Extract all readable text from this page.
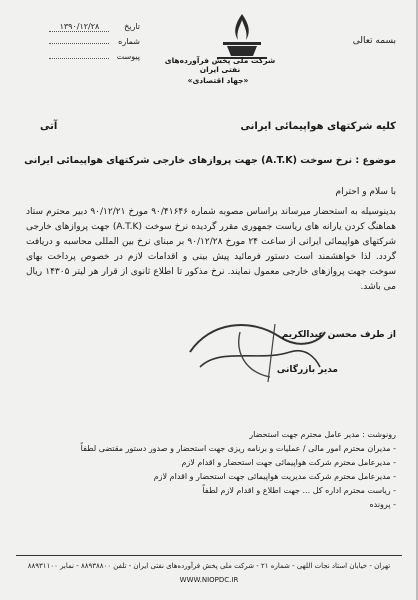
بسمه تعالی
شرکت ملی پخش فرآورده‌های نفتی ایران
«جهاد اقتصادی»
تاریخ ۱۳۹۰/۱۲/۲۸
شماره
پیوست
کلیه شرکتهای هواپیمائی ایرانی
آتی
موضوع : نرخ سوخت (A.T.K) جهت پروازهای خارجی شرکتهای هواپیمائی ایرانی
با سلام و احترام
بدینوسیله به استحضار میرساند براساس مصوبه شماره ۹۰/۴۱۶۴۶ مورخ ۹۰/۱۲/۲۱ دبیر محترم ستاد هماهنگ کردن یارانه های ریاست جمهوری مقرر گردیده نرخ سوخت (A.T.K) جهت پروازهای خارجی شرکتهای هواپیمائی ایرانی از ساعت ۲۴ مورخ ۹۰/۱۲/۲۸ بر مبنای نرخ بین المللی محاسبه و دریافت گردد. لذا خواهشمند است دستور فرمائید پیش بینی و اقدامات لازم در خصوص پرداخت بهای سوخت جهت پروازهای خارجی معمول نمایند. نرخ مذکور تا اطلاع ثانوی از قرار هر لیتر ۱۴۳۰۵ ریال می باشد.
از طرف محسن عبدالکریم
مدیر بازرگانی
رونوشت : مدیر عامل محترم جهت استحضار
- مدیران محترم امور مالی / عملیات و برنامه ریزی جهت استحضار و صدور دستور مقتضی لطفاً
- مدیرعامل محترم شرکت هواپیمائی جهت استحضار و اقدام لازم
- مدیرعامل محترم شرکت مدیریت هواپیمائی جهت استحضار و اقدام لازم
- ریاست محترم اداره کل ... جهت اطلاع و اقدام لازم لطفاً
- پرونده
تهران - خیابان استاد نجات اللهی - شماره ۲۱ - شرکت ملی پخش فرآورده‌های نفتی ایران - تلفن ۸۸۹۳۸۸۰۰ - نمابر ۸۸۹۳۱۱۰۰
WWW.NIOPDC.IR
